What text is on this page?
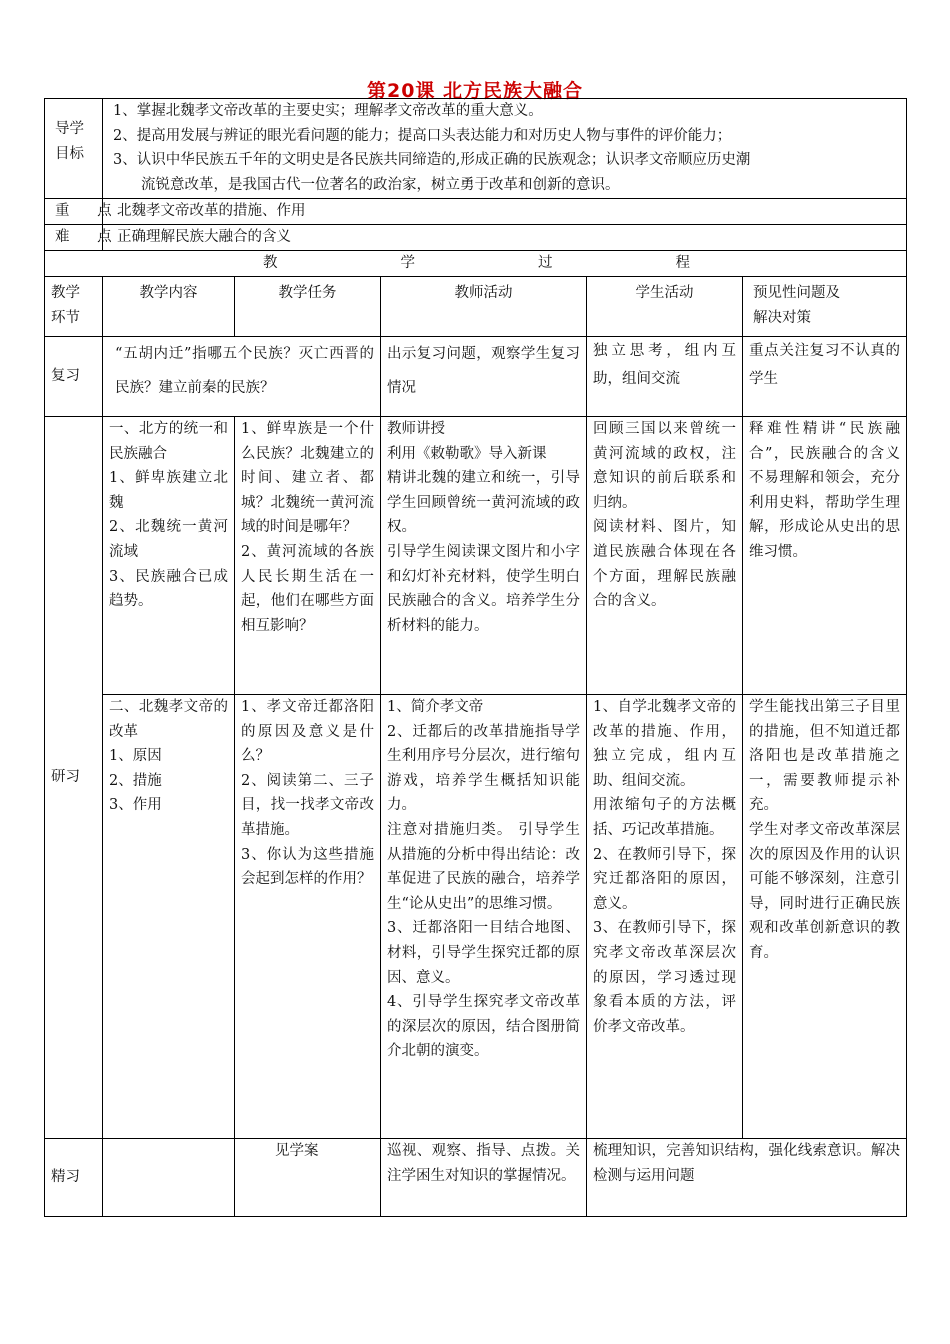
第20课 北方民族大融合
导学目标	1、掌握北魏孝文帝改革的主要史实；理解孝文帝改革的重大意义。
2、提高用发展与辨证的眼光看问题的能力；提高口头表达能力和对历史人物与事件的评价能力；
3、认识中华民族五千年的文明史是各民族共同缔造的,形成正确的民族观念；认识孝文帝顺应历史潮
流锐意改革，是我国古代一位著名的政治家，树立勇于改革和创新的意识。				

重      点	北魏孝文帝改革的措施、作用				
难      点	正确理解民族大融合的含义				

教 学 过 程					

教学
环节	教学内容	教学任务	教师活动	学生活动	预见性问题及
解决对策

复习	“五胡内迁”指哪五个民族？灭亡西晋的民族？建立前秦的民族？		出示复习问题，观察学生复习情况	独立思考，组内互助，组间交流	重点关注复习不认真的学生
研习	一、北方的统一和民族融合
1、鲜卑族建立北魏
2、北魏统一黄河流域
3、民族融合已成趋势。	1、鲜卑族是一个什么民族？北魏建立的时间、建立者、都城？北魏统一黄河流域的时间是哪年？
2、黄河流域的各族人民长期生活在一起，他们在哪些方面相互影响？	教师讲授
利用《敕勒歌》导入新课
精讲北魏的建立和统一，引导学生回顾曾统一黄河流域的政权。
引导学生阅读课文图片和小字和幻灯补充材料，使学生明白民族融合的含义。培养学生分析材料的能力。	回顾三国以来曾统一黄河流域的政权，注意知识的前后联系和归纳。
阅读材料、图片，知道民族融合体现在各个方面，理解民族融合的含义。	释难性精讲“民族融合”，民族融合的含义不易理解和领会，充分利用史料，帮助学生理解，形成论从史出的思维习惯。

	二、北魏孝文帝的改革
1、原因
2、措施
3、作用	1、孝文帝迁都洛阳的原因及意义是什么？
2、阅读第二、三子目，找一找孝文帝改革措施。
3、你认为这些措施会起到怎样的作用？	1、简介孝文帝
2、迁都后的改革措施指导学生利用序号分层次，进行缩句游戏，培养学生概括知识能力。
注意对措施归类。 引导学生从措施的分析中得出结论：改革促进了民族的融合，培养学生“论从史出”的思维习惯。
3、迁都洛阳一目结合地图、材料，引导学生探究迁都的原因、意义。
4、引导学生探究孝文帝改革的深层次的原因，结合图册简介北朝的演变。	1、自学北魏孝文帝的改革的措施、作用，独立完成，组内互助、组间交流。
用浓缩句子的方法概括、巧记改革措施。
2、在教师引导下，探究迁都洛阳的原因，意义。
3、在教师引导下，探究孝文帝改革深层次的原因，学习透过现象看本质的方法，评价孝文帝改革。	学生能找出第三子目里的措施，但不知道迁都洛阳也是改革措施之一，需要教师提示补充。
学生对孝文帝改革深层次的原因及作用的认识可能不够深刻，注意引导，同时进行正确民族观和改革创新意识的教育。

精习		见学案	巡视、观察、指导、点拨。关注学困生对知识的掌握情况。	梳理知识，完善知识结构，强化线索意识。解决检测与运用问题	
